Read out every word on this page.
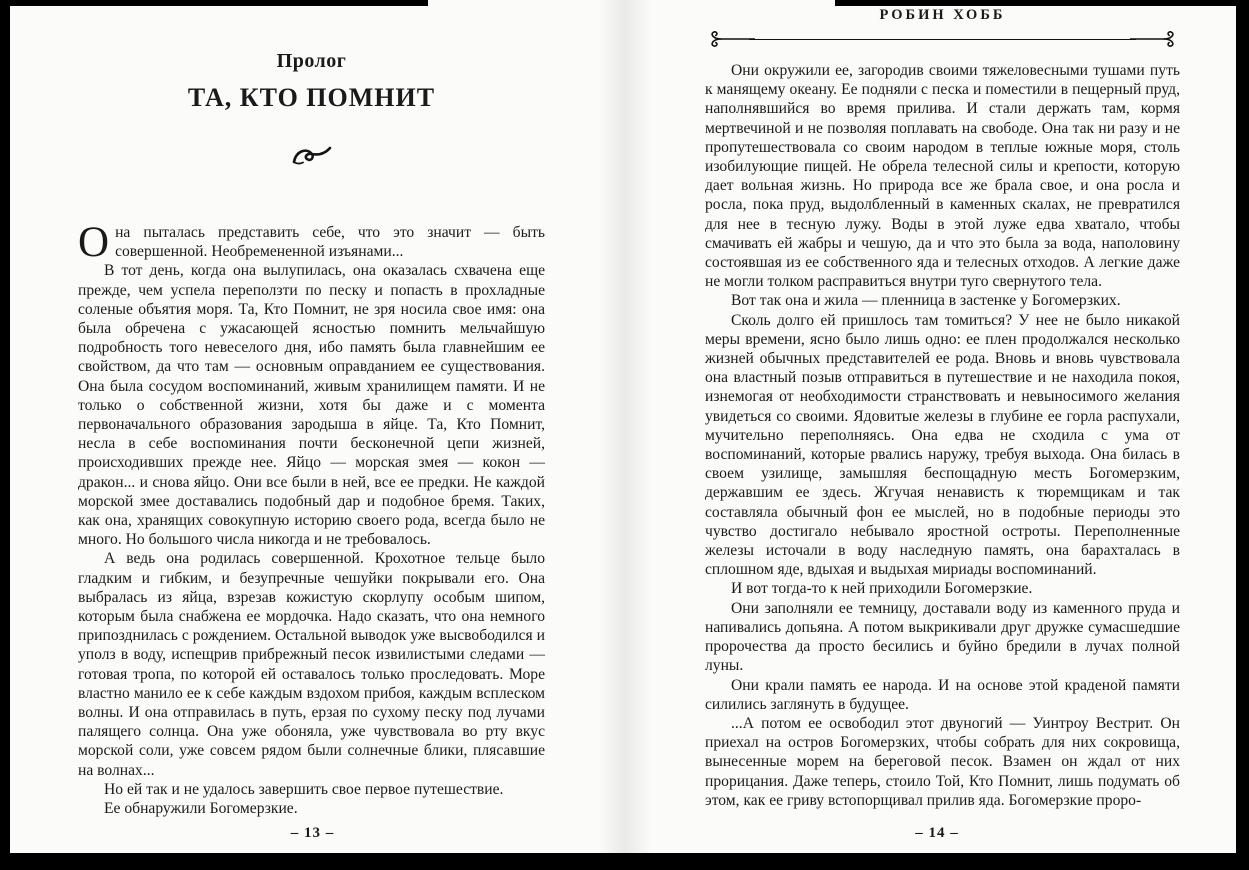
Пролог
ТА, КТО ПОМНИТ

Она пыталась представить себе, что это значит — быть совершенной. Необремененной изъянами...

В тот день, когда она вылупилась, она оказалась схвачена еще прежде, чем успела переползти по песку и попасть в прохладные соленые объятия моря. Та, Кто Помнит, не зря носила свое имя: она была обречена с ужасающей ясностью помнить мельчайшую подробность того невеселого дня, ибо память была главнейшим ее свойством, да что там — основным оправданием ее существования. Она была сосудом воспоминаний, живым хранилищем памяти. И не только о собственной жизни, хотя бы даже и с момента первоначального образования зародыша в яйце. Та, Кто Помнит, несла в себе воспоминания почти бесконечной цепи жизней, происходивших прежде нее. Яйцо — морская змея — кокон — дракон... и снова яйцо. Они все были в ней, все ее предки. Не каждой морской змее доставались подобный дар и подобное бремя. Таких, как она, хранящих совокупную историю своего рода, всегда было не много. Но большого числа никогда и не требовалось.

А ведь она родилась совершенной. Крохотное тельце было гладким и гибким, и безупречные чешуйки покрывали его. Она выбралась из яйца, взрезав кожистую скорлупу особым шипом, которым была снабжена ее мордочка. Надо сказать, что она немного припозднилась с рождением. Остальной выводок уже высвободился и уполз в воду, испещрив прибрежный песок извилистыми следами — готовая тропа, по которой ей оставалось только проследовать. Море властно манило ее к себе каждым вздохом прибоя, каждым всплеском волны. И она отправилась в путь, ерзая по сухому песку под лучами палящего солнца. Она уже обоняла, уже чувствовала во рту вкус морской соли, уже совсем рядом были солнечные блики, плясавшие на волнах...

Но ей так и не удалось завершить свое первое путешествие.

Ее обнаружили Богомерзкие.

– 13 –
РОБИН ХОББ

Они окружили ее, загородив своими тяжеловесными тушами путь к манящему океану. Ее подняли с песка и поместили в пещерный пруд, наполнявшийся во время прилива. И стали держать там, кормя мертвечиной и не позволяя поплавать на свободе. Она так ни разу и не пропутешествовала со своим народом в теплые южные моря, столь изобилующие пищей. Не обрела телесной силы и крепости, которую дает вольная жизнь. Но природа все же брала свое, и она росла и росла, пока пруд, выдолбленный в каменных скалах, не превратился для нее в тесную лужу. Воды в этой луже едва хватало, чтобы смачивать ей жабры и чешую, да и что это была за вода, наполовину состоявшая из ее собственного яда и телесных отходов. А легкие даже не могли толком расправиться внутри туго свернутого тела.

Вот так она и жила — пленница в застенке у Богомерзких.

Сколь долго ей пришлось там томиться? У нее не было никакой меры времени, ясно было лишь одно: ее плен продолжался несколько жизней обычных представителей ее рода. Вновь и вновь чувствовала она властный позыв отправиться в путешествие и не находила покоя, изнемогая от необходимости странствовать и невыносимого желания увидеться со своими. Ядовитые железы в глубине ее горла распухали, мучительно переполняясь. Она едва не сходила с ума от воспоминаний, которые рвались наружу, требуя выхода. Она билась в своем узилище, замышляя беспощадную месть Богомерзким, державшим ее здесь. Жгучая ненависть к тюремщикам и так составляла обычный фон ее мыслей, но в подобные периоды это чувство достигало небывало яростной остроты. Переполненные железы источали в воду наследную память, она барахталась в сплошном яде, вдыхая и выдыхая мириады воспоминаний.

И вот тогда-то к ней приходили Богомерзкие.

Они заполняли ее темницу, доставали воду из каменного пруда и напивались допьяна. А потом выкрикивали друг дружке сумасшедшие пророчества да просто бесились и буйно бредили в лучах полной луны.

Они крали память ее народа. И на основе этой краденой памяти силились заглянуть в будущее.

...А потом ее освободил этот двуногий — Уинтроу Вестрит. Он приехал на остров Богомерзких, чтобы собрать для них сокровища, вынесенные морем на береговой песок. Взамен он ждал от них прорицания. Даже теперь, стоило Той, Кто Помнит, лишь подумать об этом, как ее гриву встопорщивал прилив яда. Богомерзкие проро-

– 14 –
